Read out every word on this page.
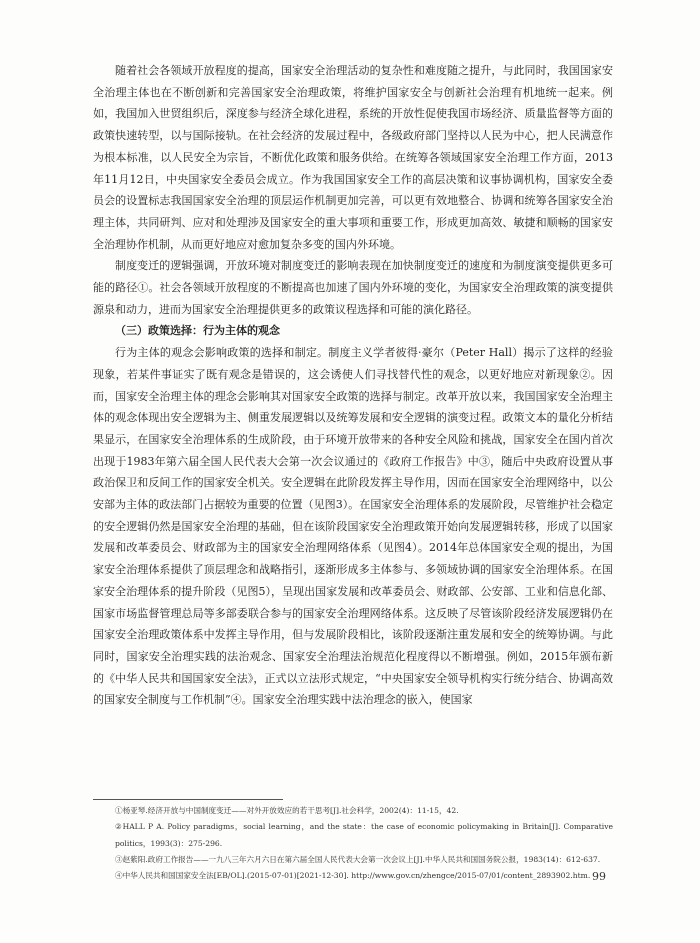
随着社会各领域开放程度的提高，国家安全治理活动的复杂性和难度随之提升，与此同时，我国国家安全治理主体也在不断创新和完善国家安全治理政策，将维护国家安全与创新社会治理有机地统一起来。例如，我国加入世贸组织后，深度参与经济全球化进程，系统的开放性促使我国市场经济、质量监督等方面的政策快速转型，以与国际接轨。在社会经济的发展过程中，各级政府部门坚持以人民为中心，把人民满意作为根本标准，以人民安全为宗旨，不断优化政策和服务供给。在统筹各领域国家安全治理工作方面，2013年11月12日，中央国家安全委员会成立。作为我国国家安全工作的高层决策和议事协调机构，国家安全委员会的设置标志我国国家安全治理的顶层运作机制更加完善，可以更有效地整合、协调和统筹各国家安全治理主体，共同研判、应对和处理涉及国家安全的重大事项和重要工作，形成更加高效、敏捷和顺畅的国家安全治理协作机制，从而更好地应对愈加复杂多变的国内外环境。

制度变迁的逻辑强调，开放环境对制度变迁的影响表现在加快制度变迁的速度和为制度演变提供更多可能的路径①。社会各领域开放程度的不断提高也加速了国内外环境的变化，为国家安全治理政策的演变提供源泉和动力，进而为国家安全治理提供更多的政策议程选择和可能的演化路径。

（三）政策选择：行为主体的观念

行为主体的观念会影响政策的选择和制定。制度主义学者彼得·豪尔（Peter Hall）揭示了这样的经验现象，若某件事证实了既有观念是错误的，这会诱使人们寻找替代性的观念，以更好地应对新现象②。因而，国家安全治理主体的理念会影响其对国家安全政策的选择与制定。改革开放以来，我国国家安全治理主体的观念体现出安全逻辑为主、侧重发展逻辑以及统筹发展和安全逻辑的演变过程。政策文本的量化分析结果显示，在国家安全治理体系的生成阶段，由于环境开放带来的各种安全风险和挑战，国家安全在国内首次出现于1983年第六届全国人民代表大会第一次会议通过的《政府工作报告》中③，随后中央政府设置从事政治保卫和反间工作的国家安全机关。安全逻辑在此阶段发挥主导作用，因而在国家安全治理网络中，以公安部为主体的政法部门占据较为重要的位置（见图3）。在国家安全治理体系的发展阶段，尽管维护社会稳定的安全逻辑仍然是国家安全治理的基础，但在该阶段国家安全治理政策开始向发展逻辑转移，形成了以国家发展和改革委员会、财政部为主的国家安全治理网络体系（见图4）。2014年总体国家安全观的提出，为国家安全治理体系提供了顶层理念和战略指引，逐渐形成多主体参与、多领域协调的国家安全治理体系。在国家安全治理体系的提升阶段（见图5），呈现出国家发展和改革委员会、财政部、公安部、工业和信息化部、国家市场监督管理总局等多部委联合参与的国家安全治理网络体系。这反映了尽管该阶段经济发展逻辑仍在国家安全治理政策体系中发挥主导作用，但与发展阶段相比，该阶段逐渐注重发展和安全的统筹协调。与此同时，国家安全治理实践的法治观念、国家安全治理法治规范化程度得以不断增强。例如，2015年颁布新的《中华人民共和国国家安全法》，正式以立法形式规定，“中央国家安全领导机构实行统分结合、协调高效的国家安全制度与工作机制”④。国家安全治理实践中法治理念的嵌入，使国家

①杨亚琴.经济开放与中国制度变迁——对外开放效应的若干思考[J].社会科学，2002(4)：11-15，42.

②HALL P A. Policy paradigms，social learning，and the state：the case of economic policymaking in Britain[J]. Comparative politics，1993(3)：275-296.

③赵紫阳.政府工作报告——一九八三年六月六日在第六届全国人民代表大会第一次会议上[J].中华人民共和国国务院公报，1983(14)：612-637.

④中华人民共和国国家安全法[EB/OL].(2015-07-01)[2021-12-30]. http://www.gov.cn/zhengce/2015-07/01/content_2893902.htm. 99
